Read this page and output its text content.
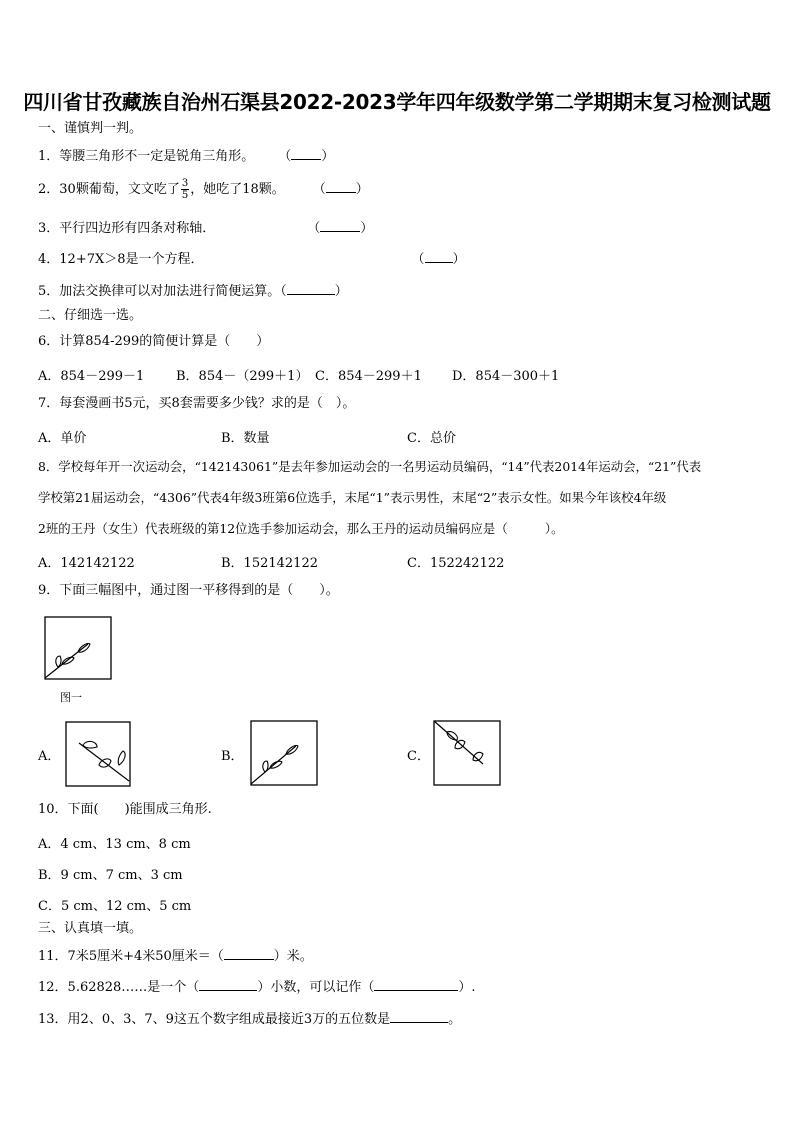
四川省甘孜藏族自治州石渠县2022-2023学年四年级数学第二学期期末复习检测试题
一、谨慎判一判。
1．等腰三角形不一定是锐角三角形。 （ ）
2．30颗葡萄，文文吃了 $\frac{3}{5}$ ，她吃了18颗。 （ ）
3．平行四边形有四条对称轴．	（	）
4．12+7X＞8是一个方程．	（ ）
5．加法交换律可以对加法进行简便运算。（	）
二、仔细选一选。
6．计算854-299的简便计算是（　　）
A．854－299－1 B．854－（299＋1） C．854－299＋1 D．854－300＋1
7．每套漫画书5元，买8套需要多少钱？求的是（　）。
A．单价	B．数量	C．总价
8．学校每年开一次运动会，“142143061”是去年参加运动会的一名男运动员编码，“14”代表2014年运动会，“21”代表
学校第21届运动会，“4306”代表4年级3班第6位选手，末尾“1”表示男性，末尾“2”表示女性。如果今年该校4年级
2班的王丹（女生）代表班级的第12位选手参加运动会，那么王丹的运动员编码应是（　　　）。
A．142142122	B．152142122	C．152242122
9．下面三幅图中，通过图一平移得到的是（　　）。
图一
A．	B．	C．
10．下面(　　)能围成三角形.
A．4 cm、13 cm、8 cm
B．9 cm、7 cm、3 cm
C．5 cm、12 cm、5 cm
三、认真填一填。
11．7米5厘米+4米50厘米＝（	）米。
12．5.62828……是一个（	）小数，可以记作（	）.
13．用2、0、3、7、9这五个数字组成最接近3万的五位数是	。
